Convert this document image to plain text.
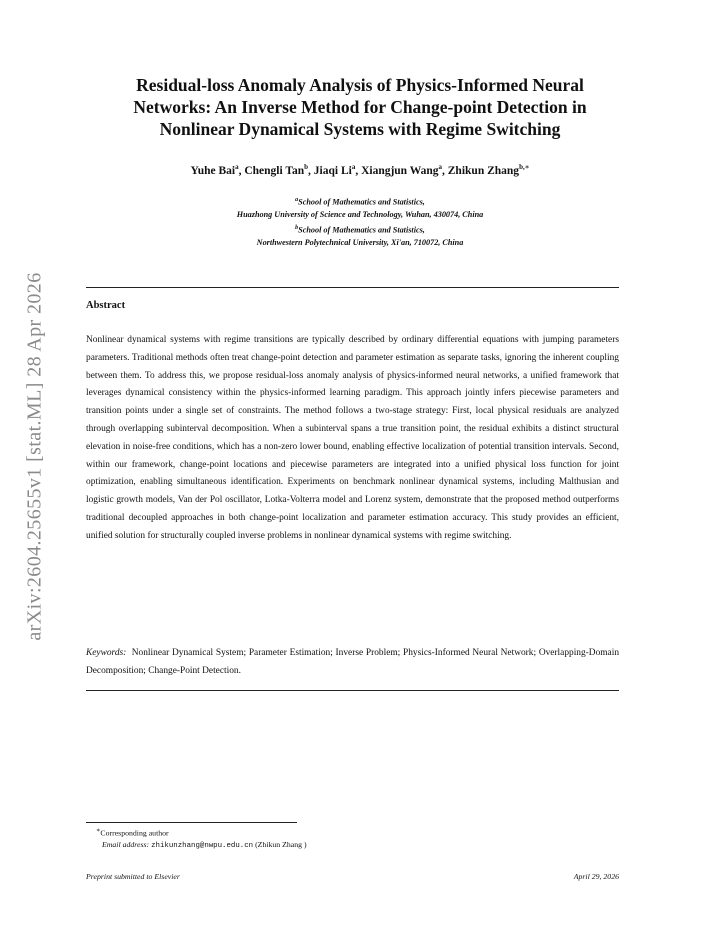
arXiv:2604.25655v1 [stat.ML] 28 Apr 2026
Residual-loss Anomaly Analysis of Physics-Informed Neural
Networks: An Inverse Method for Change-point Detection in
Nonlinear Dynamical Systems with Regime Switching
Yuhe Bai$^a$, Chengli Tan$^b$, Jiaqi Li$^a$, Xiangjun Wang$^a$, Zhikun Zhang$^{b,∗}$
$^a$School of Mathematics and Statistics,
Huazhong University of Science and Technology, Wuhan, 430074, China
$^b$School of Mathematics and Statistics,
Northwestern Polytechnical University, Xi'an, 710072, China
Abstract
Nonlinear dynamical systems with regime transitions are typically described by ordinary differential equations with jumping parameters parameters. Traditional methods often treat change-point detection and parameter estimation as separate tasks, ignoring the inherent coupling between them. To address this, we propose residual-loss anomaly analysis of physics-informed neural networks, a unified framework that leverages dynamical consistency within the physics-informed learning paradigm. This approach jointly infers piecewise parameters and transition points under a single set of constraints. The method follows a two-stage strategy: First, local physical residuals are analyzed through overlapping subinterval decomposition. When a subinterval spans a true transition point, the residual exhibits a distinct structural elevation in noise-free conditions, which has a non-zero lower bound, enabling effective localization of potential transition intervals. Second, within our framework, change-point locations and piecewise parameters are integrated into a unified physical loss function for joint optimization, enabling simultaneous identification. Experiments on benchmark nonlinear dynamical systems, including Malthusian and logistic growth models, Van der Pol oscillator, Lotka-Volterra model and Lorenz system, demonstrate that the proposed method outperforms traditional decoupled approaches in both change-point localization and parameter estimation accuracy. This study provides an efficient, unified solution for structurally coupled inverse problems in nonlinear dynamical systems with regime switching.
Keywords: Nonlinear Dynamical System; Parameter Estimation; Inverse Problem; Physics-Informed Neural Network; Overlapping-Domain Decomposition; Change-Point Detection.
∗Corresponding author
Email address: zhikunzhang@nwpu.edu.cn (Zhikun Zhang )
Preprint submitted to Elsevier	April 29, 2026
